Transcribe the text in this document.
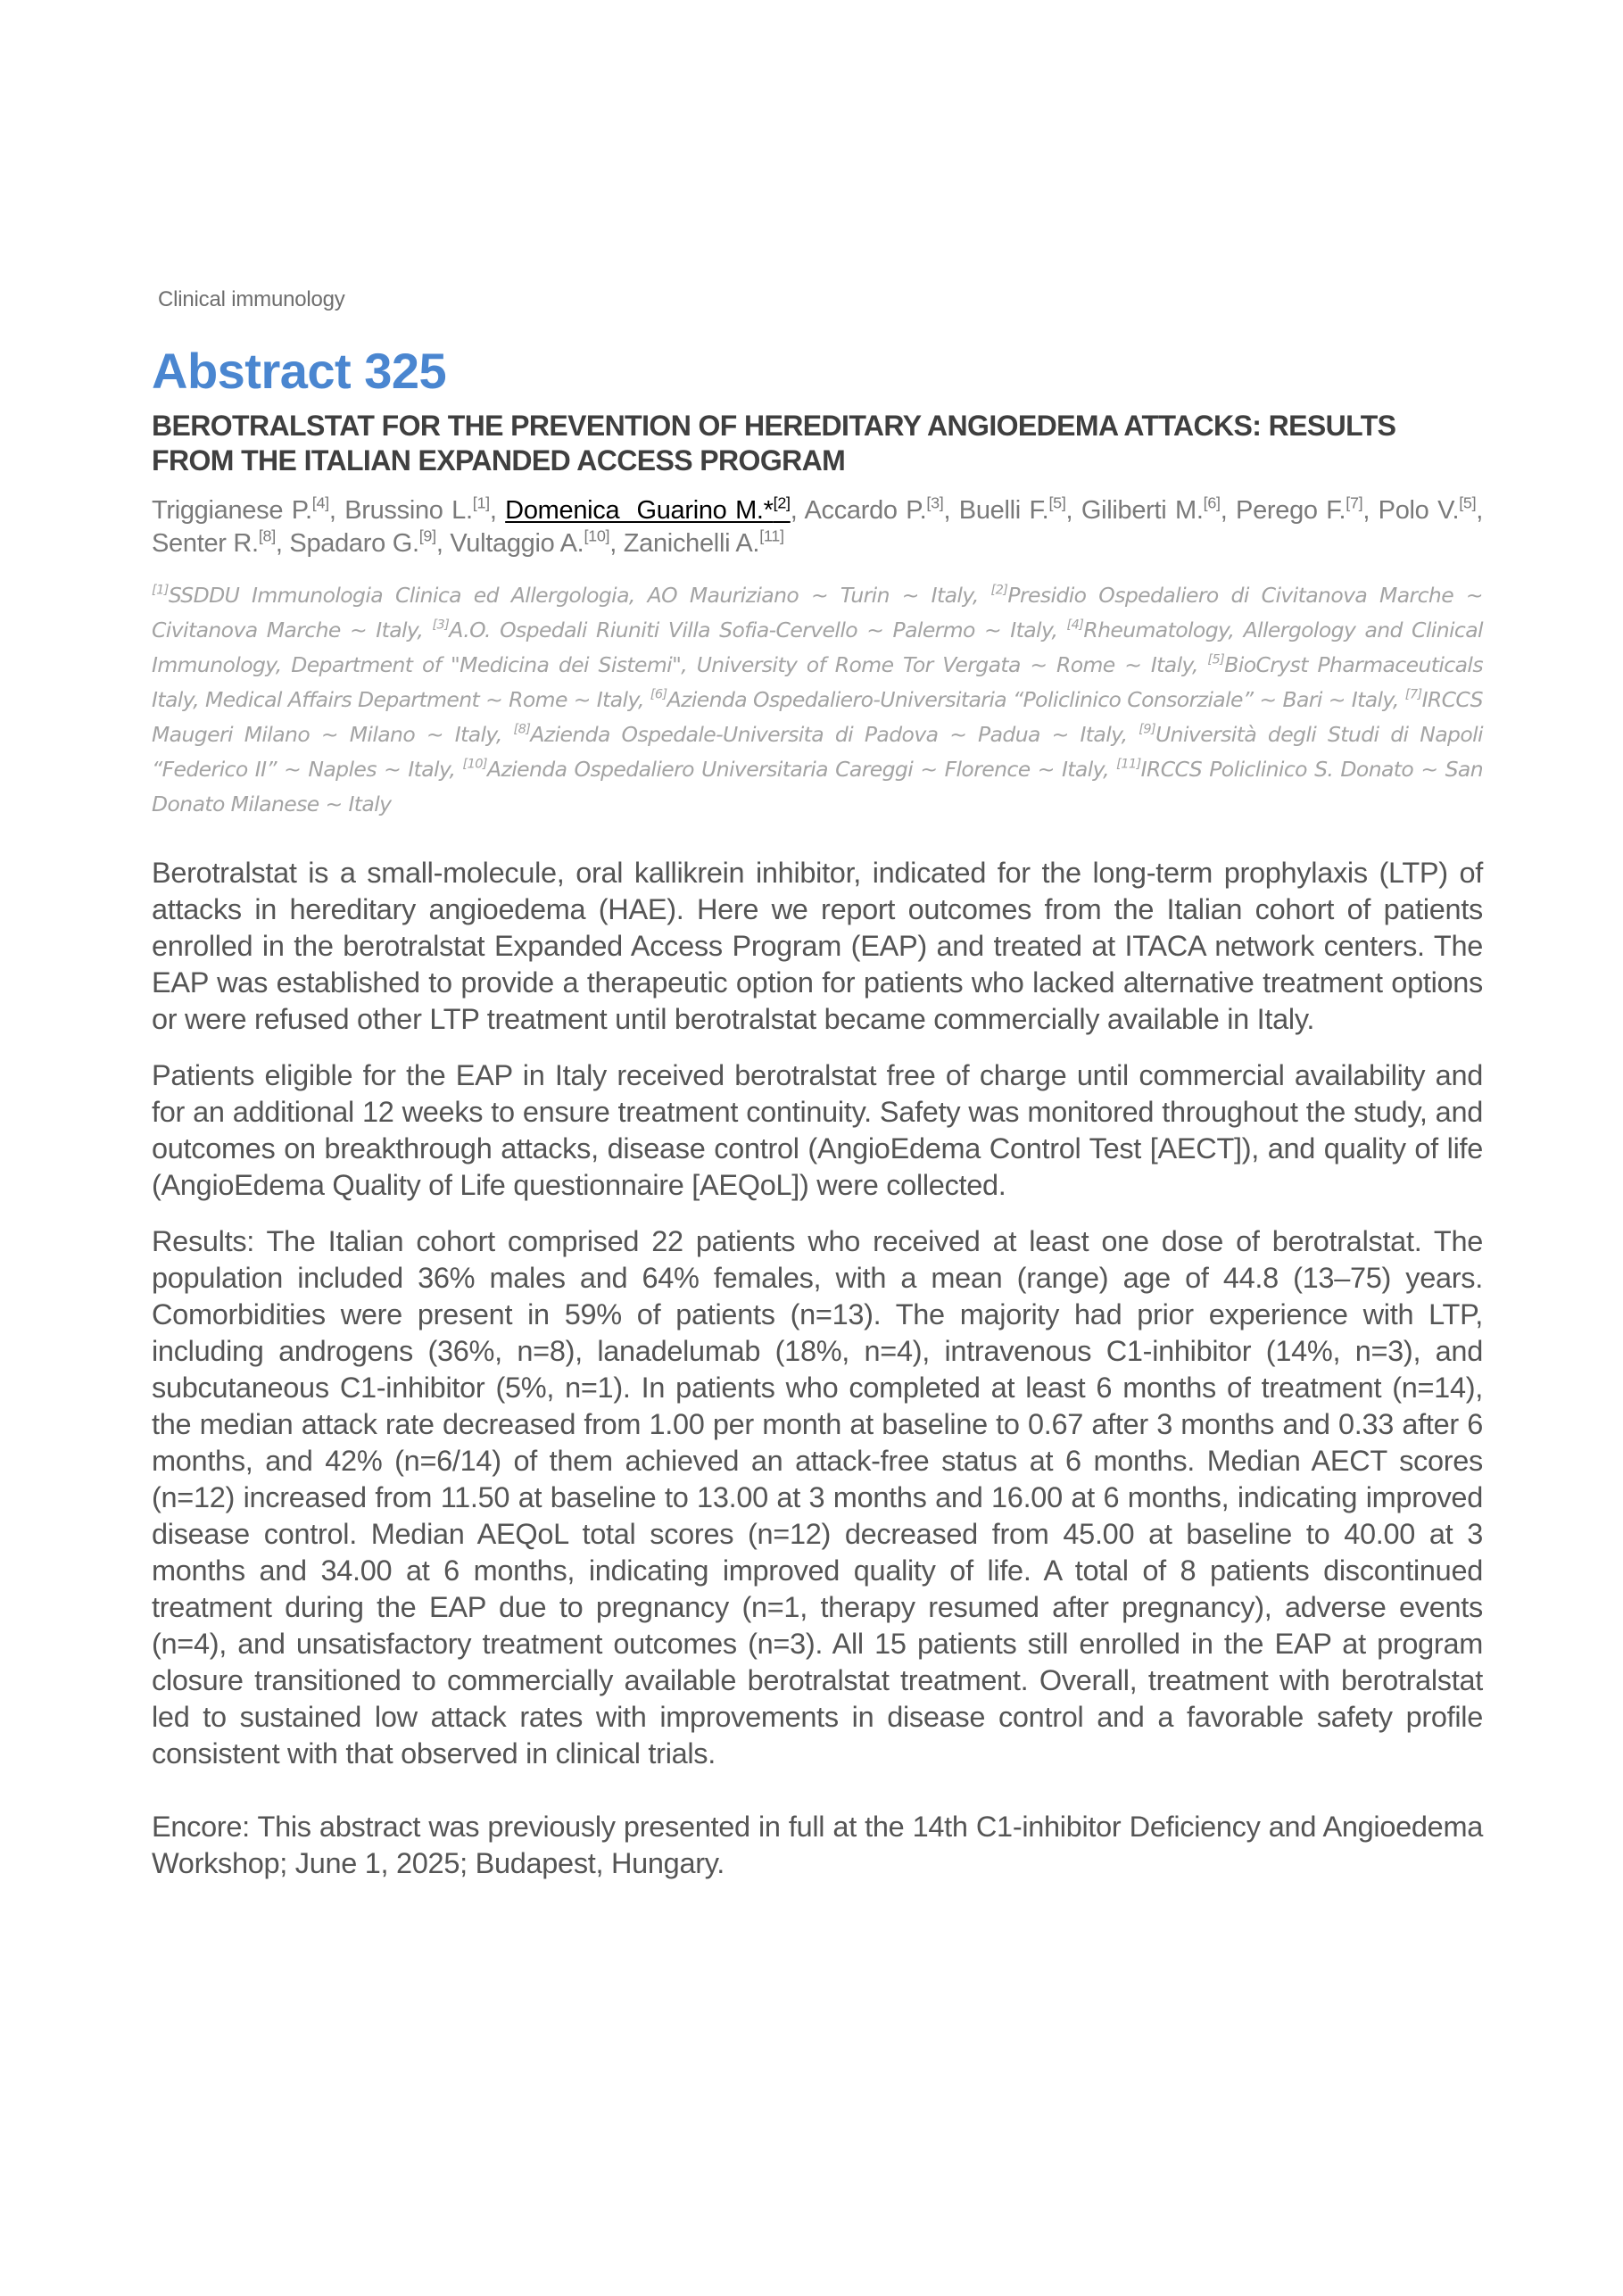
Clinical immunology
Abstract 325
BEROTRALSTAT FOR THE PREVENTION OF HEREDITARY ANGIOEDEMA ATTACKS: RESULTS FROM THE ITALIAN EXPANDED ACCESS PROGRAM
Triggianese P.[4], Brussino L.[1], Domenica  Guarino M.*[2], Accardo P.[3], Buelli F.[5], Giliberti M.[6], Perego F.[7], Polo V.[5], Senter R.[8], Spadaro G.[9], Vultaggio A.[10], Zanichelli A.[11]
[1]SSDDU Immunologia Clinica ed Allergologia, AO Mauriziano ~ Turin ~ Italy, [2]Presidio Ospedaliero di Civitanova Marche ~ Civitanova Marche ~ Italy, [3]A.O. Ospedali Riuniti Villa Sofia-Cervello ~ Palermo ~ Italy, [4]Rheumatology, Allergology and Clinical Immunology, Department of "Medicina dei Sistemi", University of Rome Tor Vergata ~ Rome ~ Italy, [5]BioCryst Pharmaceuticals Italy, Medical Affairs Department ~ Rome ~ Italy, [6]Azienda Ospedaliero-Universitaria “Policlinico Consorziale” ~ Bari ~ Italy, [7]IRCCS Maugeri Milano ~ Milano ~ Italy, [8]Azienda Ospedale-Universita di Padova ~ Padua ~ Italy, [9]Università degli Studi di Napoli “Federico II” ~ Naples ~ Italy, [10]Azienda Ospedaliero Universitaria Careggi ~ Florence ~ Italy, [11]IRCCS Policlinico S. Donato ~ San Donato Milanese ~ Italy

Berotralstat is a small-molecule, oral kallikrein inhibitor, indicated for the long-term prophylaxis (LTP) of attacks in hereditary angioedema (HAE). Here we report outcomes from the Italian cohort of patients enrolled in the berotralstat Expanded Access Program (EAP) and treated at ITACA network centers. The EAP was established to provide a therapeutic option for patients who lacked alternative treatment options or were refused other LTP treatment until berotralstat became commercially available in Italy.

Patients eligible for the EAP in Italy received berotralstat free of charge until commercial availability and for an additional 12 weeks to ensure treatment continuity. Safety was monitored throughout the study, and outcomes on breakthrough attacks, disease control (AngioEdema Control Test [AECT]), and quality of life (AngioEdema Quality of Life questionnaire [AEQoL]) were collected.

Results: The Italian cohort comprised 22 patients who received at least one dose of berotralstat. The population included 36% males and 64% females, with a mean (range) age of 44.8 (13–75) years. Comorbidities were present in 59% of patients (n=13). The majority had prior experience with LTP, including androgens (36%, n=8), lanadelumab (18%, n=4), intravenous C1-inhibitor (14%, n=3), and subcutaneous C1-inhibitor (5%, n=1). In patients who completed at least 6 months of treatment (n=14), the median attack rate decreased from 1.00 per month at baseline to 0.67 after 3 months and 0.33 after 6 months, and 42% (n=6/14) of them achieved an attack-free status at 6 months. Median AECT scores (n=12) increased from 11.50 at baseline to 13.00 at 3 months and 16.00 at 6 months, indicating improved disease control. Median AEQoL total scores (n=12) decreased from 45.00 at baseline to 40.00 at 3 months and 34.00 at 6 months, indicating improved quality of life. A total of 8 patients discontinued treatment during the EAP due to pregnancy (n=1, therapy resumed after pregnancy), adverse events (n=4), and unsatisfactory treatment outcomes (n=3). All 15 patients still enrolled in the EAP at program closure transitioned to commercially available berotralstat treatment. Overall, treatment with berotralstat led to sustained low attack rates with improvements in disease control and a favorable safety profile consistent with that observed in clinical trials.

Encore: This abstract was previously presented in full at the 14th C1-inhibitor Deficiency and Angioedema Workshop; June 1, 2025; Budapest, Hungary.
